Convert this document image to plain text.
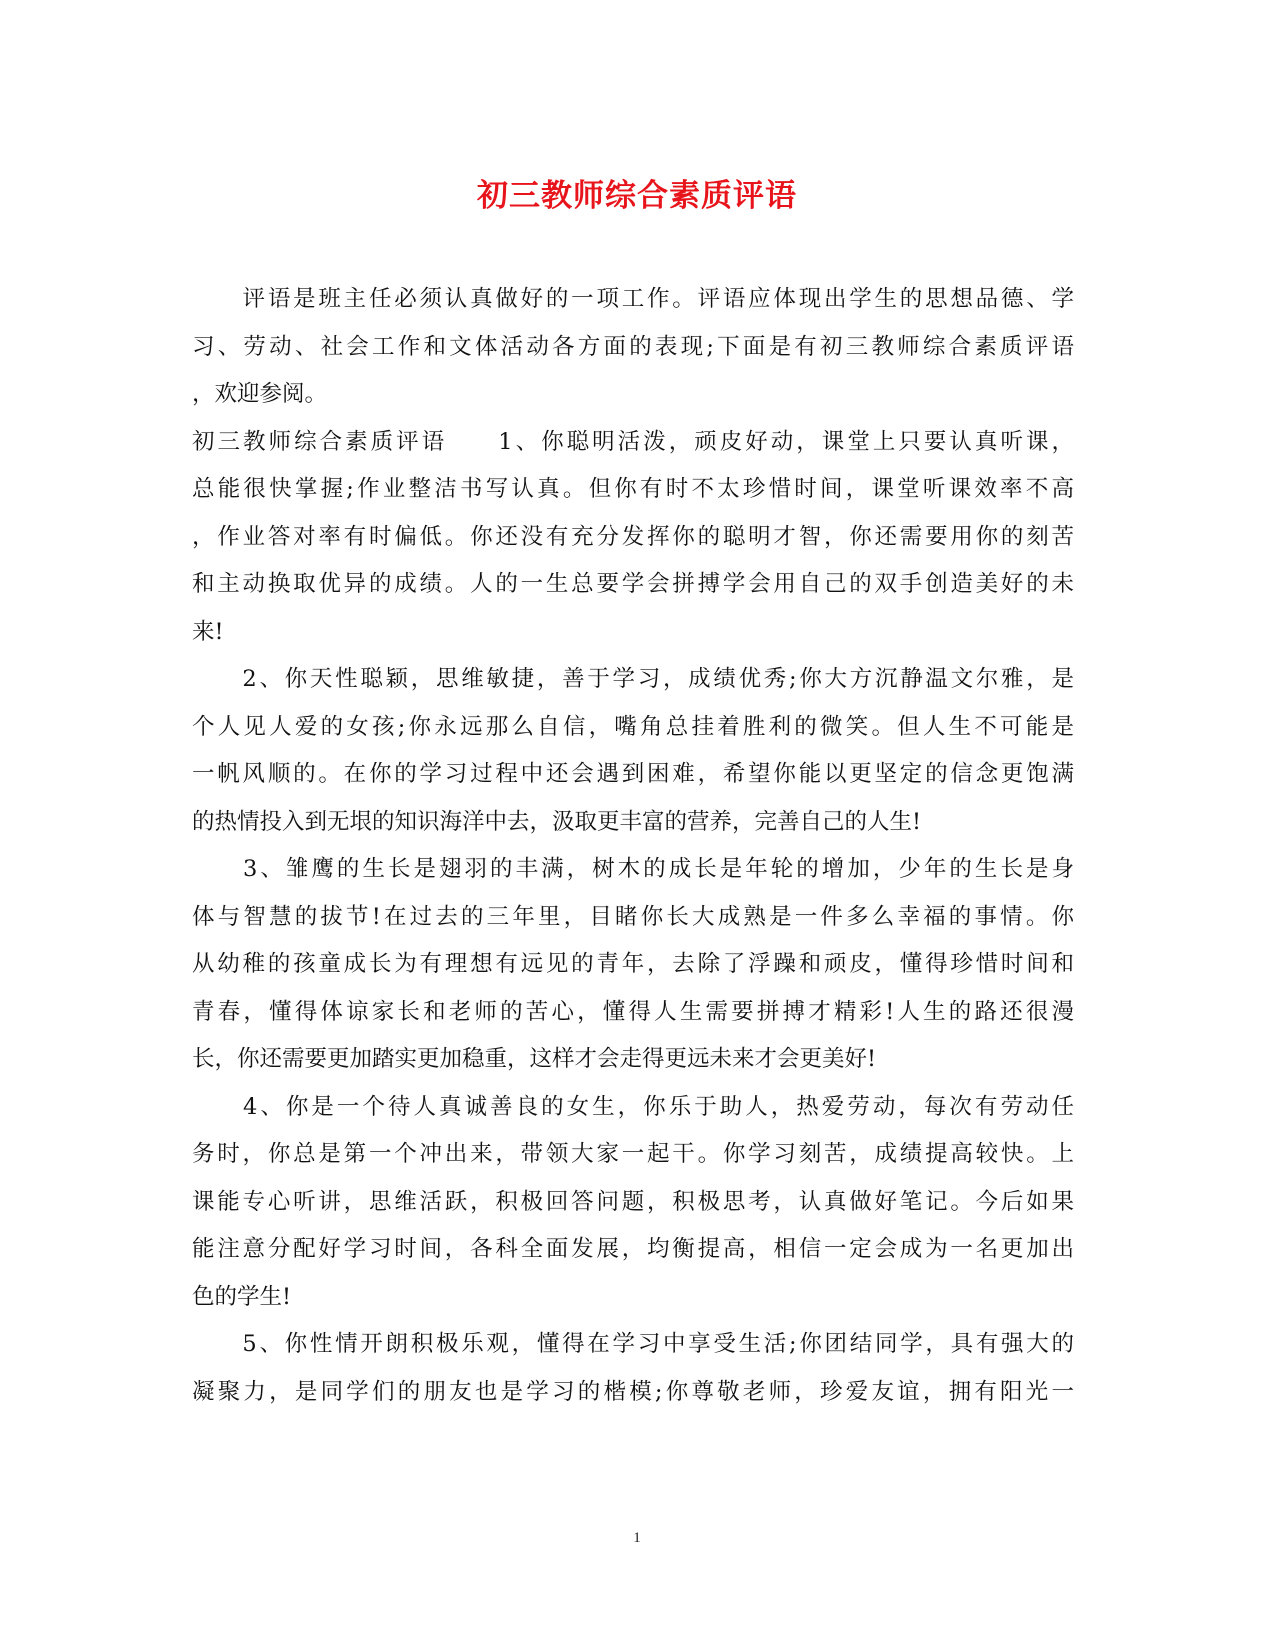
初三教师综合素质评语
　　评语是班主任必须认真做好的一项工作。评语应体现出学生的思想品德、学
习、劳动、社会工作和文体活动各方面的表现;下面是有初三教师综合素质评语
，欢迎参阅。
初三教师综合素质评语　　1、你聪明活泼，顽皮好动，课堂上只要认真听课，
总能很快掌握;作业整洁书写认真。但你有时不太珍惜时间，课堂听课效率不高
，作业答对率有时偏低。你还没有充分发挥你的聪明才智，你还需要用你的刻苦
和主动换取优异的成绩。人的一生总要学会拼搏学会用自己的双手创造美好的未
来!
　　2、你天性聪颖，思维敏捷，善于学习，成绩优秀;你大方沉静温文尔雅，是
个人见人爱的女孩;你永远那么自信，嘴角总挂着胜利的微笑。但人生不可能是
一帆风顺的。在你的学习过程中还会遇到困难，希望你能以更坚定的信念更饱满
的热情投入到无垠的知识海洋中去，汲取更丰富的营养，完善自己的人生!
　　3、雏鹰的生长是翅羽的丰满，树木的成长是年轮的增加，少年的生长是身
体与智慧的拔节!在过去的三年里，目睹你长大成熟是一件多么幸福的事情。你
从幼稚的孩童成长为有理想有远见的青年，去除了浮躁和顽皮，懂得珍惜时间和
青春，懂得体谅家长和老师的苦心，懂得人生需要拼搏才精彩!人生的路还很漫
长，你还需要更加踏实更加稳重，这样才会走得更远未来才会更美好!
　　4、你是一个待人真诚善良的女生，你乐于助人，热爱劳动，每次有劳动任
务时，你总是第一个冲出来，带领大家一起干。你学习刻苦，成绩提高较快。上
课能专心听讲，思维活跃，积极回答问题，积极思考，认真做好笔记。今后如果
能注意分配好学习时间，各科全面发展，均衡提高，相信一定会成为一名更加出
色的学生!
　　5、你性情开朗积极乐观，懂得在学习中享受生活;你团结同学，具有强大的
凝聚力，是同学们的朋友也是学习的楷模;你尊敬老师，珍爱友谊，拥有阳光一
1
